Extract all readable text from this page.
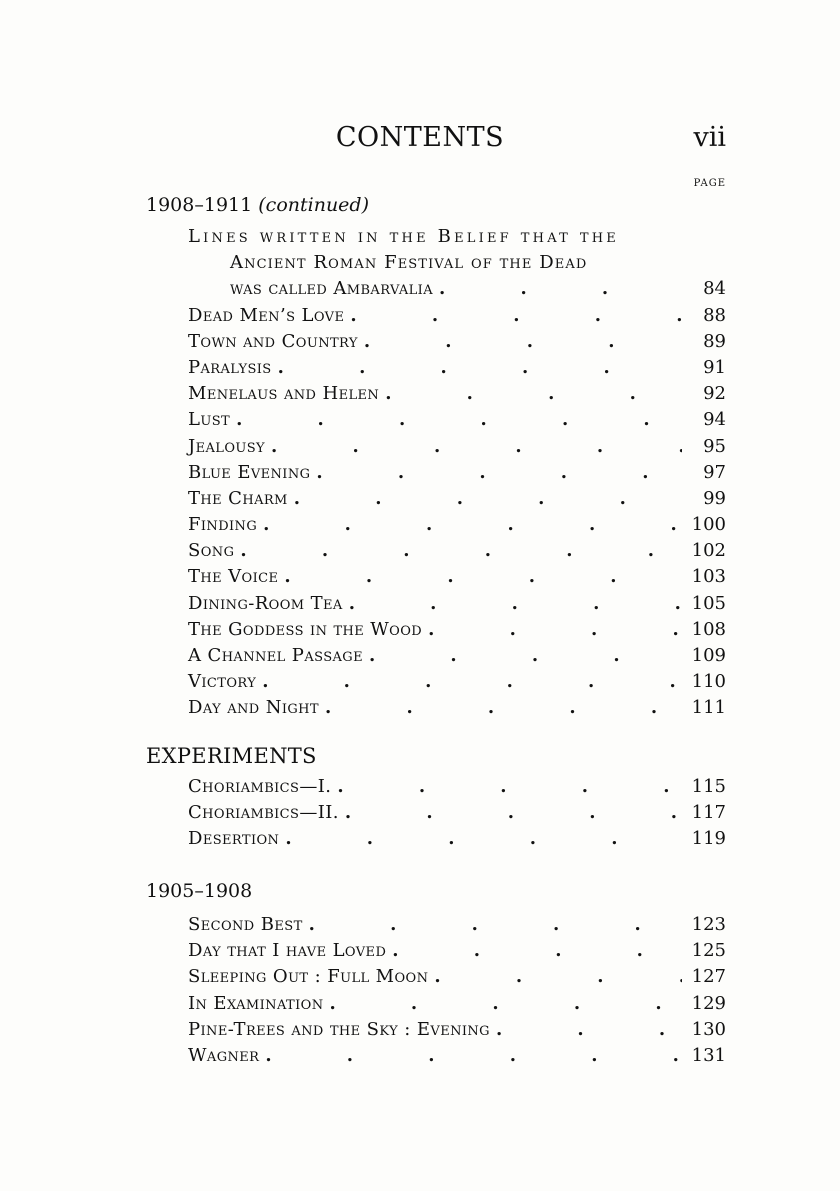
CONTENTS	vii
PAGE
1908–1911 (continued)
Lines written in the Belief that the
Ancient Roman Festival of the Dead
was called Ambarvalia .	84
Dead Men’s Love .	88
Town and Country .	89
Paralysis .	91
Menelaus and Helen .	92
Lust .	94
Jealousy .	95
Blue Evening .	97
The Charm .	99
Finding .	100
Song .	102
The Voice .	103
Dining-Room Tea .	105
The Goddess in the Wood .	108
A Channel Passage .	109
Victory .	110
Day and Night .	111
EXPERIMENTS
Choriambics—I. .	115
Choriambics—II. .	117
Desertion .	119
1905–1908
Second Best .	123
Day that I have Loved .	125
Sleeping Out : Full Moon .	127
In Examination .	129
Pine-Trees and the Sky : Evening .	130
Wagner .	131
